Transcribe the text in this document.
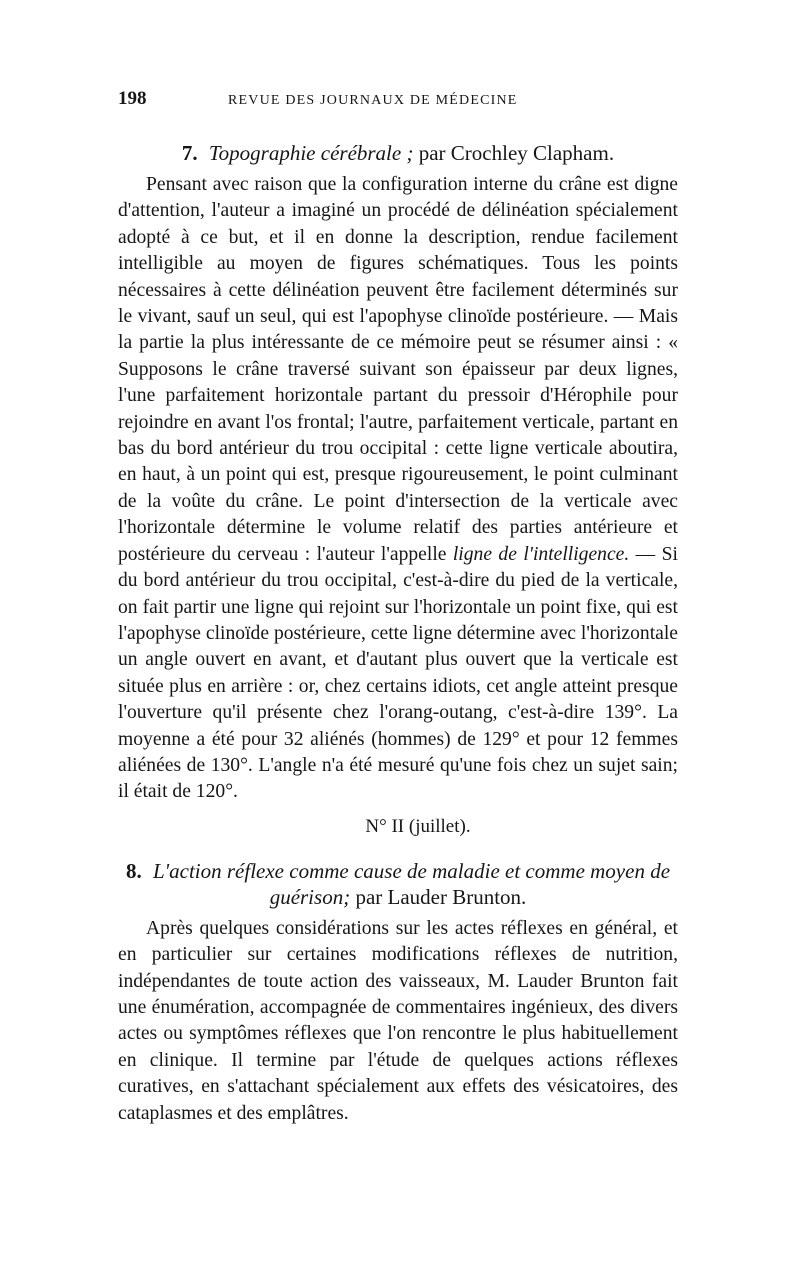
198	REVUE DES JOURNAUX DE MÉDECINE
7. Topographie cérébrale ; par Crochley Clapham.

Pensant avec raison que la configuration interne du crâne est digne d'attention, l'auteur a imaginé un procédé de délinéation spécialement adopté à ce but, et il en donne la description, rendue facilement intelligible au moyen de figures schématiques. Tous les points nécessaires à cette délinéation peuvent être facilement déterminés sur le vivant, sauf un seul, qui est l'apophyse clinoïde postérieure. — Mais la partie la plus intéressante de ce mémoire peut se résumer ainsi : « Supposons le crâne traversé suivant son épaisseur par deux lignes, l'une parfaitement horizontale partant du pressoir d'Hérophile pour rejoindre en avant l'os frontal; l'autre, parfaitement verticale, partant en bas du bord antérieur du trou occipital : cette ligne verticale aboutira, en haut, à un point qui est, presque rigoureusement, le point culminant de la voûte du crâne. Le point d'intersection de la verticale avec l'horizontale détermine le volume relatif des parties antérieure et postérieure du cerveau : l'auteur l'appelle ligne de l'intelligence. — Si du bord antérieur du trou occipital, c'est-à-dire du pied de la verticale, on fait partir une ligne qui rejoint sur l'horizontale un point fixe, qui est l'apophyse clinoïde postérieure, cette ligne détermine avec l'horizontale un angle ouvert en avant, et d'autant plus ouvert que la verticale est située plus en arrière : or, chez certains idiots, cet angle atteint presque l'ouverture qu'il présente chez l'orang-outang, c'est-à-dire 139°. La moyenne a été pour 32 aliénés (hommes) de 129° et pour 12 femmes aliénées de 130°. L'angle n'a été mesuré qu'une fois chez un sujet sain; il était de 120°.

N° II (juillet).
8. L'action réflexe comme cause de maladie et comme moyen de guérison; par Lauder Brunton.

Après quelques considérations sur les actes réflexes en général, et en particulier sur certaines modifications réflexes de nutrition, indépendantes de toute action des vaisseaux, M. Lauder Brunton fait une énumération, accompagnée de commentaires ingénieux, des divers actes ou symptômes réflexes que l'on rencontre le plus habituellement en clinique. Il termine par l'étude de quelques actions réflexes curatives, en s'attachant spécialement aux effets des vésicatoires, des cataplasmes et des emplâtres.
